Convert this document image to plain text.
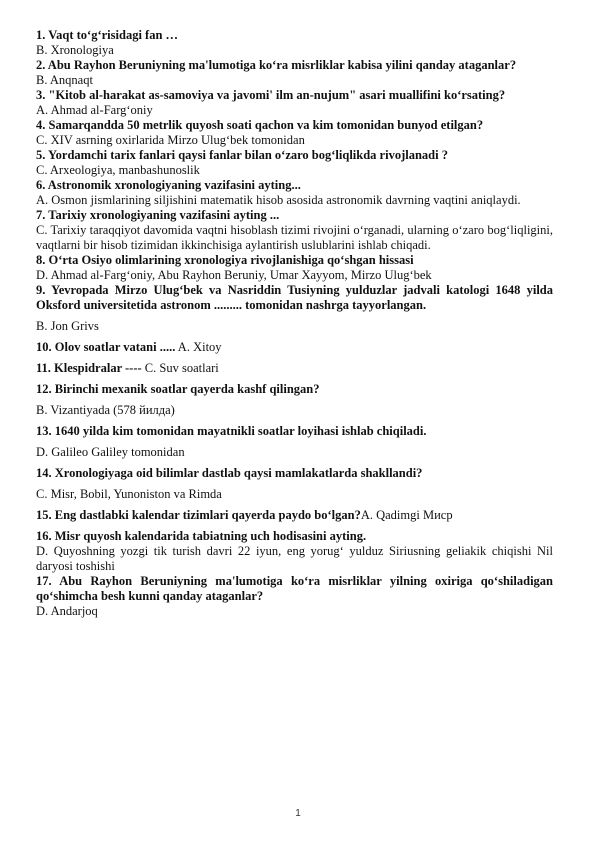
1. Vaqt to‘g‘risidagi fan …
B. Xronologiya
2. Abu Rayhon Beruniyning ma'lumotiga ko‘ra misrliklar kabisa yilini qanday ataganlar?
B. Anqnaqt
3. "Kitob al-harakat as-samoviya va javomi' ilm an-nujum" asari muallifini ko‘rsating?
A. Ahmad al-Farg‘oniy
4. Samarqandda 50 metrlik quyosh soati qachon va kim tomonidan bunyod etilgan?
C. XIV asrning oxirlarida Mirzo Ulug‘bek tomonidan
5. Yordamchi tarix fanlari qaysi fanlar bilan o‘zaro bog‘liqlikda rivojlanadi ?
C. Arxeologiya, manbashunoslik
6. Astronomik xronologiyaning vazifasini ayting...
A. Osmon jismlarining siljishini matematik hisob asosida astronomik davrning vaqtini aniqlaydi.
7. Tarixiy xronologiyaning vazifasini ayting ...
C. Tarixiy taraqqiyot davomida vaqtni hisoblash tizimi rivojini o‘rganadi, ularning o‘zaro bog‘liqligini, vaqtlarni bir hisob tizimidan ikkinchisiga aylantirish uslublarini ishlab chiqadi.
8. O‘rta Osiyo olimlarining xronologiya rivojlanishiga qo‘shgan hissasi
D. Ahmad al-Farg‘oniy, Abu Rayhon Beruniy, Umar Xayyom, Mirzo Ulug‘bek
9. Yevropada Mirzo Ulug‘bek va Nasriddin Tusiyning yulduzlar jadvali katologi 1648 yilda Oksford universitetida astronom ......... tomonidan nashrga tayyorlangan.
B. Jon Grivs
10. Olov soatlar vatani ..... A. Xitoy
11. Klespidralar ---- C. Suv soatlari
12. Birinchi mexanik soatlar qayerda kashf qilingan?
B. Vizantiyada (578 йилда)
13. 1640 yilda kim tomonidan mayatnikli soatlar loyihasi ishlab chiqiladi.
D. Galileo Galiley tomonidan
14. Xronologiyaga oid bilimlar dastlab qaysi mamlakatlarda shakllandi?
C. Misr, Bobil, Yunoniston va Rimda
15. Eng dastlabki kalendar tizimlari qayerda paydo bo‘lgan?A. Qadimgi Миср
16. Misr quyosh kalendarida tabiatning uch hodisasini ayting.
D. Quyoshning yozgi tik turish davri 22 iyun, eng yorug‘ yulduz Siriusning geliakik chiqishi Nil daryosi toshishi
17. Abu Rayhon Beruniyning ma'lumotiga ko‘ra misrliklar yilning oxiriga qo‘shiladigan qo‘shimcha besh kunni qanday ataganlar?
D. Andarjoq
1
